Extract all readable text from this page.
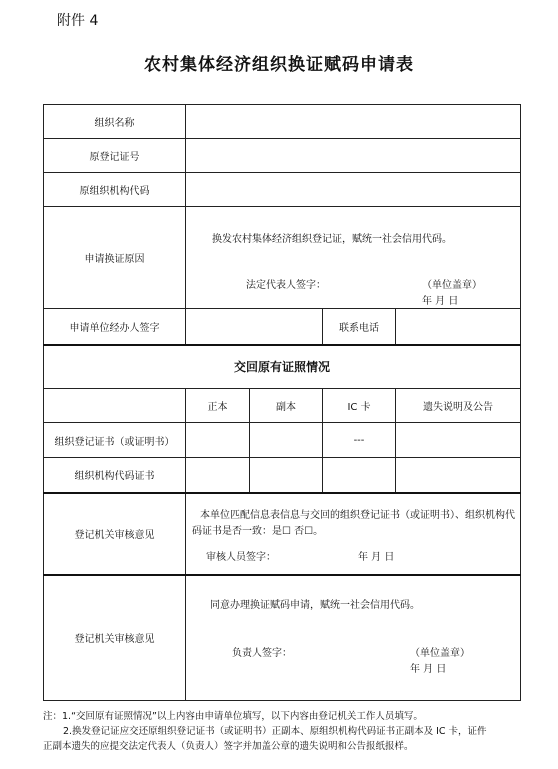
附件 4
农村集体经济组织换证赋码申请表
组织名称				
原登记证号				
原组织机构代码				
申请换证原因	换发农村集体经济组织登记证，赋统一社会信用代码。
法定代表人签字： （单位盖章）
年 月 日			

申请单位经办人签字			联系电话	
交回原有证照情况				
	正本	副本	IC 卡	遗失说明及公告
组织登记证书（或证明书）			---	
组织机构代码证书				
登记机关审核意见	本单位匹配信息表信息与交回的组织登记证书（或证明书）、组织机构代
码证书是否一致：是☐ 否☐。
审核人员签字： 年 月 日			

登记机关审核意见	同意办理换证赋码申请，赋统一社会信用代码。
负责人签字： （单位盖章）
年 月 日			

注：1.“交回原有证照情况”以上内容由申请单位填写，以下内容由登记机关工作人员填写。

2.换发登记证应交还原组织登记证书（或证明书）正副本、原组织机构代码证书正副本及 IC 卡，证件

正副本遗失的应提交法定代表人（负责人）签字并加盖公章的遗失说明和公告报纸报样。
